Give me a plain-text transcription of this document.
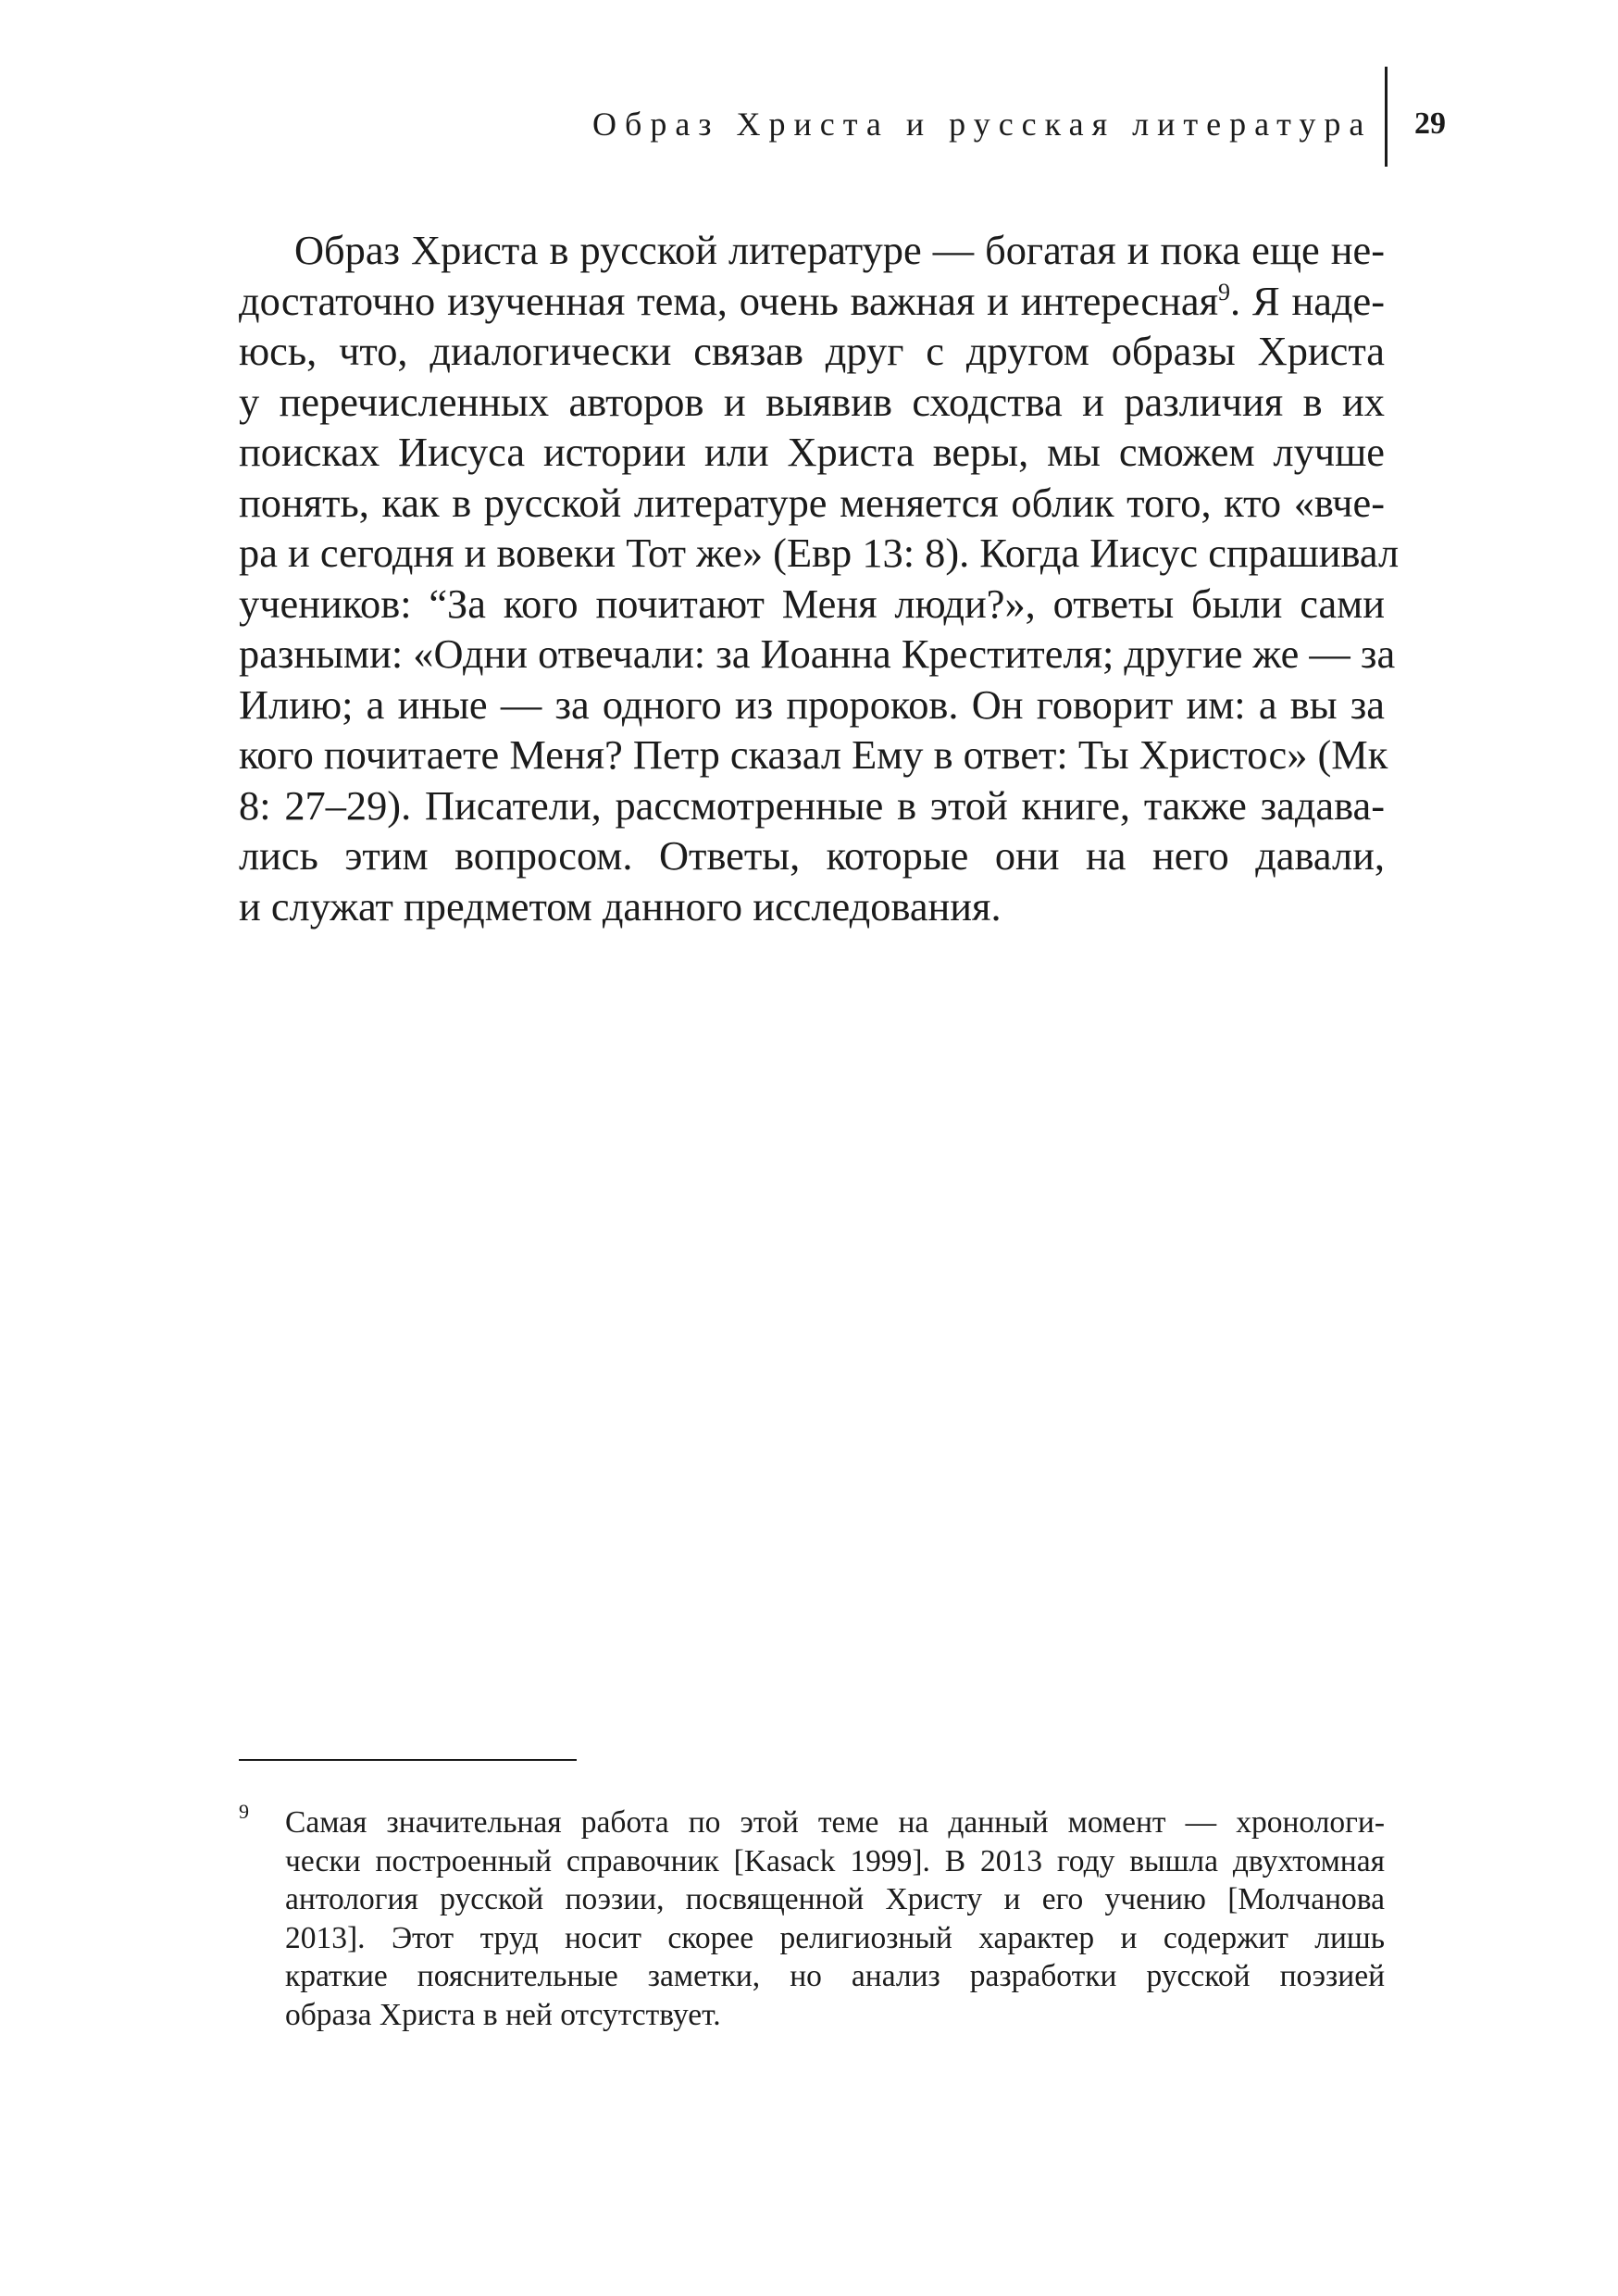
Образ Христа и русская литература 29
Образ Христа в русской литературе — богатая и пока еще не-
достаточно изученная тема, очень важная и интересная$^9$. Я наде-
юсь, что, диалогически связав друг с другом образы Христа
у перечисленных авторов и выявив сходства и различия в их
поисках Иисуса истории или Христа веры, мы сможем лучше
понять, как в русской литературе меняется облик того, кто «вче-
ра и сегодня и вовеки Тот же» (Евр 13: 8). Когда Иисус спрашивал
учеников: “За кого почитают Меня люди?», ответы были сами
разными: «Одни отвечали: за Иоанна Крестителя; другие же — за
Илию; а иные — за одного из пророков. Он говорит им: а вы за
кого почитаете Меня? Петр сказал Ему в ответ: Ты Христос» (Мк
8: 27–29). Писатели, рассмотренные в этой книге, также задава-
лись этим вопросом. Ответы, которые они на него давали,
и служат предметом данного исследования.
9 Самая значительная работа по этой теме на данный момент — хронологи-
чески построенный справочник [Kasack 1999]. В 2013 году вышла двухтомная
антология русской поэзии, посвященной Христу и его учению [Молчанова
2013]. Этот труд носит скорее религиозный характер и содержит лишь
краткие пояснительные заметки, но анализ разработки русской поэзией
образа Христа в ней отсутствует.
